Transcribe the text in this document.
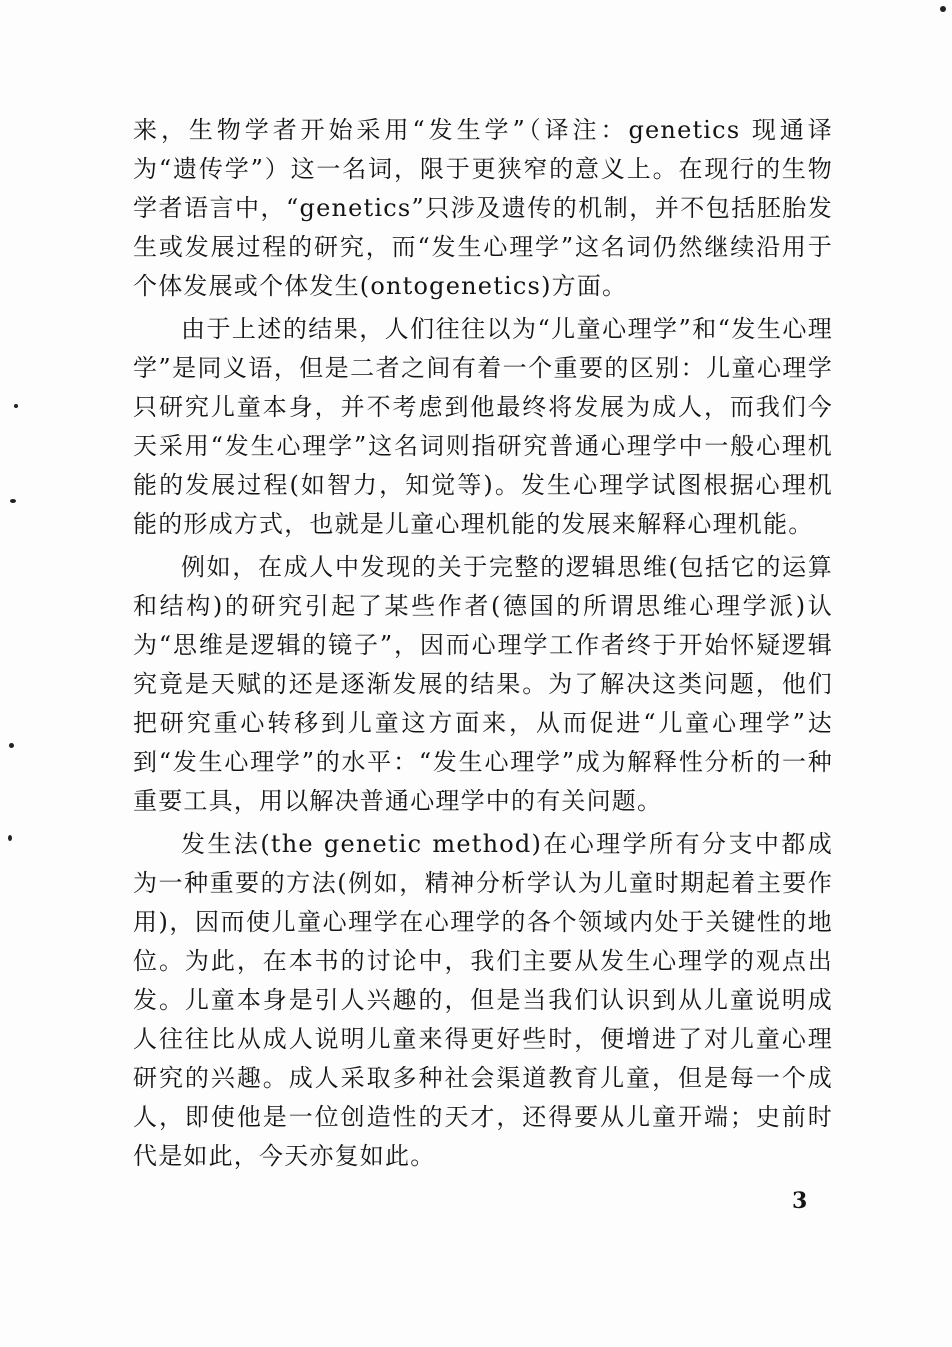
来，生物学者开始采用“发生学”（译注：genetics 现通译为“遗传学”）这一名词，限于更狭窄的意义上。在现行的生物学者语言中，“genetics”只涉及遗传的机制，并不包括胚胎发生或发展过程的研究，而“发生心理学”这名词仍然继续沿用于个体发展或个体发生(ontogenetics)方面。

由于上述的结果，人们往往以为“儿童心理学”和“发生心理学”是同义语，但是二者之间有着一个重要的区别：儿童心理学只研究儿童本身，并不考虑到他最终将发展为成人，而我们今天采用“发生心理学”这名词则指研究普通心理学中一般心理机能的发展过程(如智力，知觉等)。发生心理学试图根据心理机能的形成方式，也就是儿童心理机能的发展来解释心理机能。

例如，在成人中发现的关于完整的逻辑思维(包括它的运算和结构)的研究引起了某些作者(德国的所谓思维心理学派)认为“思维是逻辑的镜子”，因而心理学工作者终于开始怀疑逻辑究竟是天赋的还是逐渐发展的结果。为了解决这类问题，他们把研究重心转移到儿童这方面来，从而促进“儿童心理学”达到“发生心理学”的水平：“发生心理学”成为解释性分析的一种重要工具，用以解决普通心理学中的有关问题。

发生法(the genetic method)在心理学所有分支中都成为一种重要的方法(例如，精神分析学认为儿童时期起着主要作用)，因而使儿童心理学在心理学的各个领域内处于关键性的地位。为此，在本书的讨论中，我们主要从发生心理学的观点出发。儿童本身是引人兴趣的，但是当我们认识到从儿童说明成人往往比从成人说明儿童来得更好些时，便增进了对儿童心理研究的兴趣。成人采取多种社会渠道教育儿童，但是每一个成人，即使他是一位创造性的天才，还得要从儿童开端；史前时代是如此，今天亦复如此。

3
